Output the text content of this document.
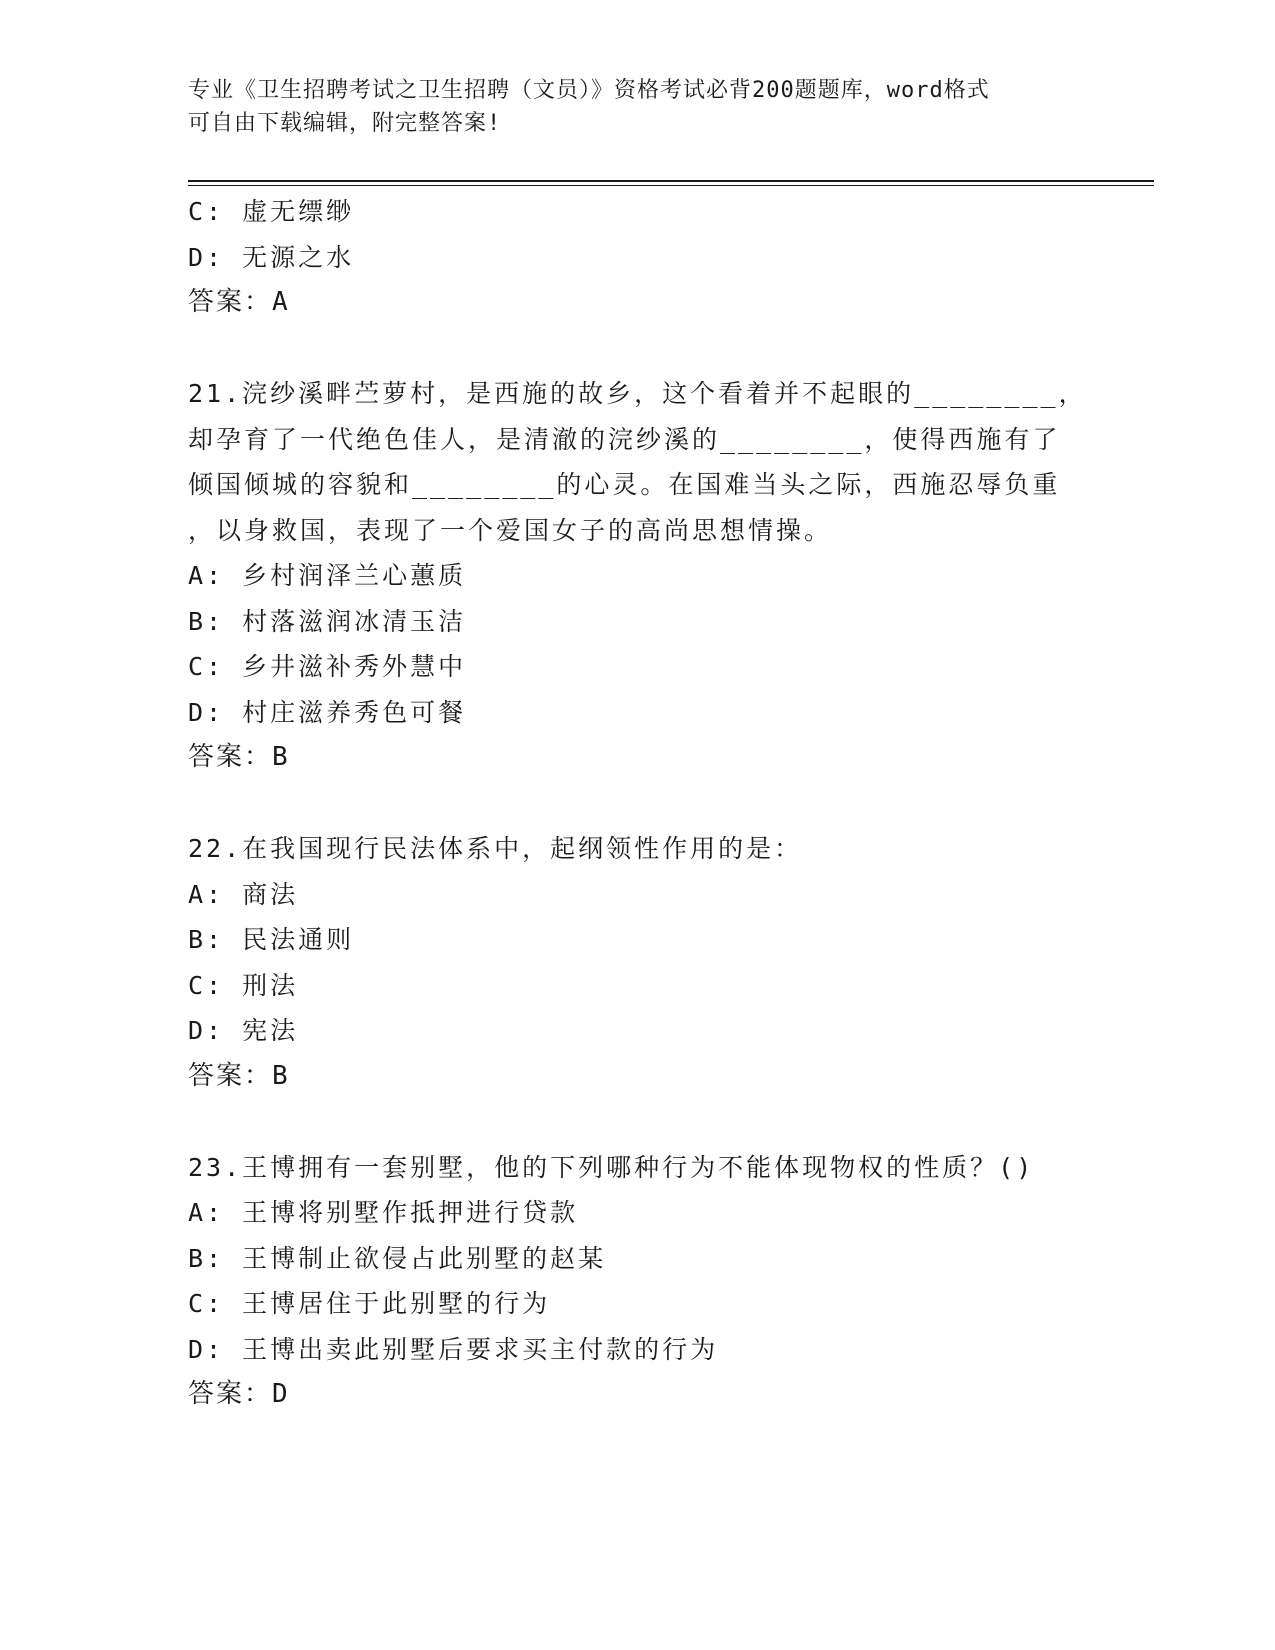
专业《卫生招聘考试之卫生招聘（文员）》资格考试必背200题题库，word格式
可自由下载编辑，附完整答案!
C: 虚无缥缈
D: 无源之水
答案：A
21.浣纱溪畔苎萝村，是西施的故乡，这个看着并不起眼的________，
却孕育了一代绝色佳人，是清澈的浣纱溪的________，使得西施有了
倾国倾城的容貌和________的心灵。在国难当头之际，西施忍辱负重
，以身救国，表现了一个爱国女子的高尚思想情操。
A: 乡村润泽兰心蕙质
B: 村落滋润冰清玉洁
C: 乡井滋补秀外慧中
D: 村庄滋养秀色可餐
答案：B
22.在我国现行民法体系中，起纲领性作用的是：
A: 商法
B: 民法通则
C: 刑法
D: 宪法
答案：B
23.王博拥有一套别墅，他的下列哪种行为不能体现物权的性质？()
A: 王博将别墅作抵押进行贷款
B: 王博制止欲侵占此别墅的赵某
C: 王博居住于此别墅的行为
D: 王博出卖此别墅后要求买主付款的行为
答案：D
